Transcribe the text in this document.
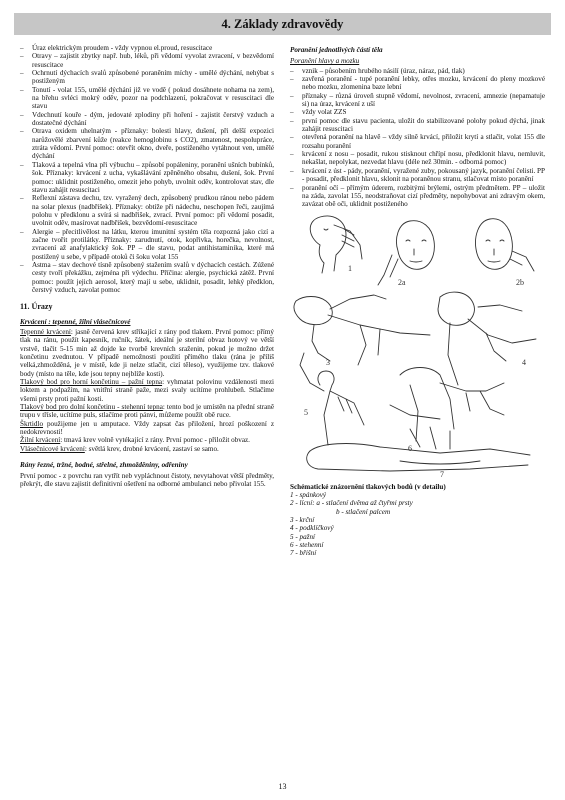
4. Základy zdravovědy
– Úraz elektrickým proudem - vždy vypnou el.proud, resuscitace
– Otravy – zajistit zbytky např. hub, léků, při vědomí vyvolat zvracení, v bezvědomí resuscitace
– Ochrnutí dýchacích svalů způsobené poraněním míchy - umělé dýchání, nehýbat s postiženým
– Tonutí - volat 155, umělé dýchání již ve vodě ( pokud dosáhnete nohama na zem), na břehu svléci mokrý oděv, pozor na podchlazení, pokračovat v resuscitaci dle stavu
– Vdechnutí kouře - dým, jedovaté zplodiny při hoření - zajistit čerstvý vzduch a dostatečné dýchání
– Otrava oxidem uhelnatým - příznaky: bolesti hlavy, dušení, při delší expozici narůžovělé zbarvení kůže (reakce hemoglobinu s CO2), zmatenost, nespolupráce, ztráta vědomí. První pomoc: otevřít okno, dveře, postiženého vytáhnout ven, umělé dýchání
– Tlaková a tepelná vlna při výbuchu – způsobí popáleniny, poranění ušních bubínků, šok. Příznaky: krvácení z ucha, vykašlávání zpěněného obsahu, dušení, šok. První pomoc: uklidnit postiženého, omezit jeho pohyb, uvolnit oděv, kontrolovat stav, dle stavu zahájit resuscitaci
– Reflexní zástava dechu, tzv. vyražený dech, způsobený prudkou ránou nebo pádem na solar plexus (nadbřišek). Příznaky: obtíže při nádechu, neschopen řeči, zaujímá polohu v předklonu a svírá si nadbřišek, zvrací. První pomoc: při vědomí posadit, uvolnit oděv, masírovat nadbřišek, bezvědomí-resuscitace
– Alergie – přecitlivělost na látku, kterou imunitní systém těla rozpozná jako cizí a začne tvořit protilátky. Příznaky: zarudnutí, otok, kopřivka, horečka, nevolnost, zvracení až anafylaktický šok. PP – dle stavu, podat antihistaminika, které má postižený u sebe, v případě otoků či šoku volat 155
– Astma – stav dechové tísně způsobený stažením svalů v dýchacích cestách. Zúžené cesty tvoří překážku, zejména při výdechu. Příčina: alergie, psychická zátěž. První pomoc: použít jejich aerosol, který mají u sebe, uklidnit, posadit, lehký předklon, čerstvý vzduch, zavolat pomoc
11. Úrazy
Krvácení : tepenné, žilní vlásečnicové

Tepenné krvácení: jasně červená krev stříkající z rány pod tlakem. První pomoc: přímý tlak na ránu, použít kapesník, ručník, šátek, ideální je sterilní obvaz hotový ve větší vrstvě, tlačit 5-15 min až dojde ke tvorbě krevních sraženin, pokud je možno držet končetinu zvednutou. V případě nemožnosti použití přímého tlaku (rána je příliš velká,zhmožděná, je v místě, kde ji nelze stlačit, cizí těleso), využijeme tzv. tlakové body (místo na těle, kde jsou tepny nejblíže kosti).

Tlakový bod pro horní končetinu – pažní tepna: vyhmatat polovinu vzdálenosti mezi loktem a podpažím, na vnitřní straně paže, mezi svaly ucítíme prohlubeň. Stlačíme všemi prsty proti pažní kosti.

Tlakový bod pro dolní končetinu - stehenní tepna: tento bod je umístěn na přední straně trupu v tříslе, ucítíme puls, stlačíme proti pánvi, můžeme použít obě ruce.

Škrtidlo použijeme jen u amputace. Vždy zapsat čas přiložení, hrozí poškození z nedokrevnosti!

Žilní krvácení: tmavá krev volně vytékající z rány. První pomoc - přiložit obvaz.

Vlásečnicové krvácení: světlá krev, drobné krvácení, zastaví se samo.

Rány řezné, tržné, bodné, střelné, zhmožděniny, odřeniny

První pomoc - z povrchu ran vytřít neb vypláchnout čistoty, nevytahovat větší předměty, překrýt, dle stavu zajistit definitivní ošetření na odborné ambulanci nebo přivolat 155.

Poranění jednotlivých částí těla
Poranění hlavy a mozku
– vznik – působením hrubého násilí (úraz, náraz, pád, tlak)
– zavřená poranění - tupé poranění lebky, otřes mozku, krvácení do pleny mozkové nebo mozku, zlomenina baze lební
– příznaky – různá úroveň stupně vědomí, nevolnost, zvracení, amnezie (nepamatuje si) na úraz, krvácení z uší
– vždy volat ZZS
– první pomoc dle stavu pacienta, uložit do stabilizované polohy pokud dýchá, jinak zahájit resuscitaci
– otevřená poranění na hlavě – vždy silně krvácí, přiložit krytí a stlačit, volat 155 dle rozsahu poranění
– krvácení z nosu – posadit, rukou stisknout chřípí nosu, předklonit hlavu, nemluvit, nekašlat, nepolykat, nezvedat hlavu (déle než 30min. - odborná pomoc)
– krvácení z úst - pády, poranění, vyražené zuby, pokousaný jazyk, poranění čelisti. PP - posadit, předklonit hlavu, sklonit na poraněnou stranu, stlačovat místo poranění
– poranění očí – přímým úderem, rozbitými brýlemi, ostrým předmětem. PP – uložit na záda, zavolat 155, neodstraňovat cizí předměty, nepohybovat ani zdravým okem, zavázat obě oči, uklidnit postiženého
3	4
5
6
7
1
2a	2b
Schématické znázornění tlakových bodů (v detailu)
1 - spánkový
2 - lícní: a - stlačení dvěma až čtyřmi prsty
b - stlačení palcem
3 - krční
4 - podklíčkový
5 - pažní
6 - stehenní
7 - břišní
13
